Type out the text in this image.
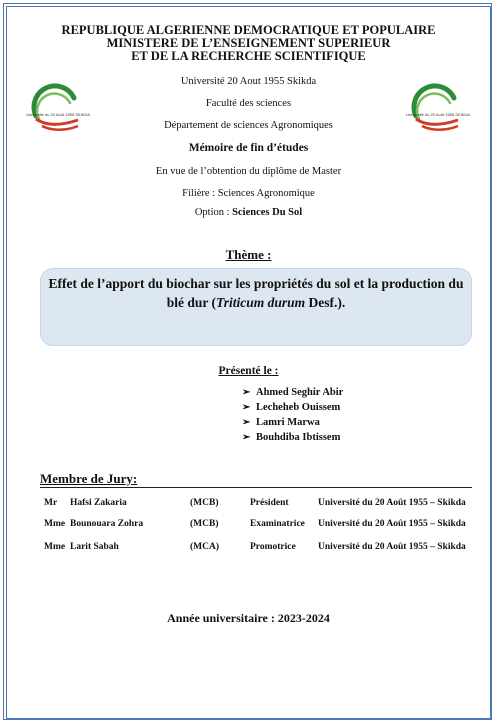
REPUBLIQUE ALGERIENNE DEMOCRATIQUE ET POPULAIRE
MINISTERE DE L’ENSEIGNEMENT SUPERIEUR
ET DE LA RECHERCHE SCIENTIFIQUE
Université du 20 Août 1955 SKIKDA	Université du 20 Août 1955 SKIKDA
Université 20 Aout 1955 Skikda
Faculté des sciences
Département de sciences Agronomiques
Mémoire de fin d’études
En vue de l’obtention du diplôme de Master
Filière : Sciences Agronomique
Option : Sciences Du Sol
Thème :
Effet de l’apport du biochar sur les propriétés du sol et la production du blé dur (Triticum durum Desf.).
Présenté le :
➢ Ahmed Seghir Abir
➢ Lecheheb Ouissem
➢ Lamri Marwa
➢ Bouhdiba Ibtissem
Membre de Jury:
Mr Hafsi Zakaria	(MCB)	Président	Université du 20 Août 1955 – Skikda
Mme Bounouara Zohra	(MCB)	Examinatrice Université du 20 Août 1955 – Skikda
Mme Larit Sabah	(MCA)	Promotrice Université du 20 Août 1955 – Skikda
Année universitaire : 2023-2024
